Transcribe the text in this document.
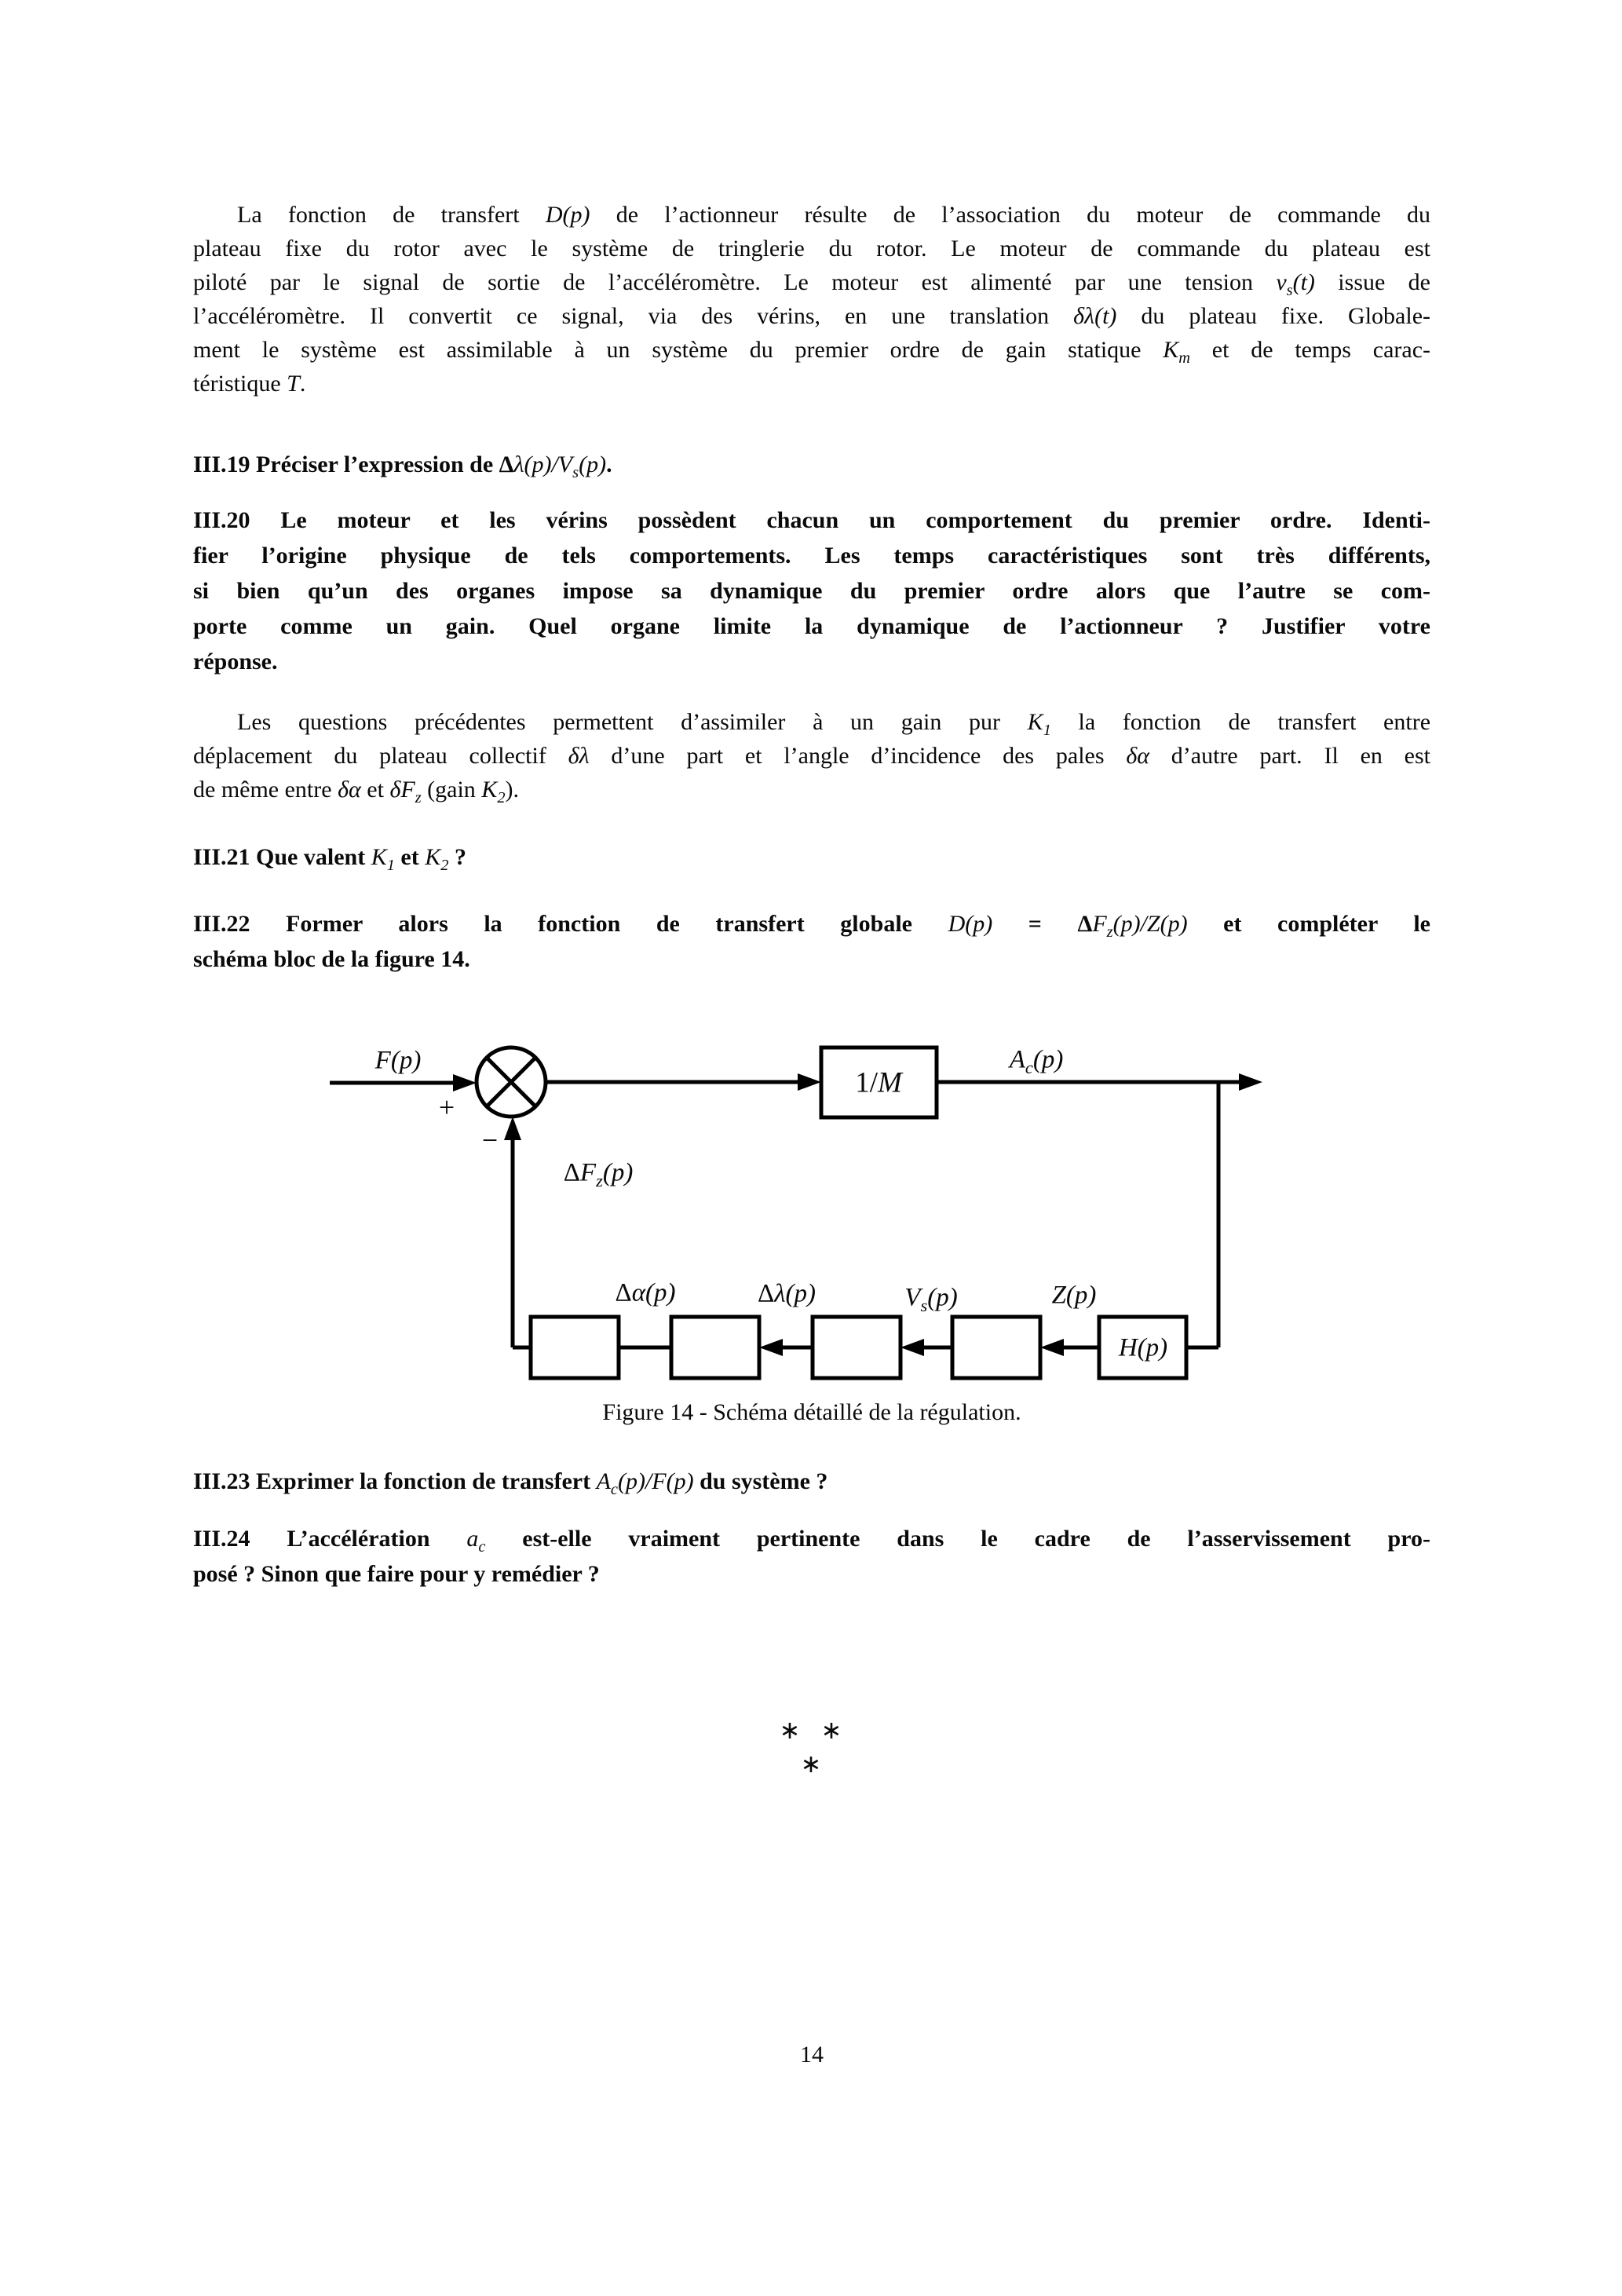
La fonction de transfert D(p) de l’actionneur résulte de l’association du moteur de commande du
plateau fixe du rotor avec le système de tringlerie du rotor. Le moteur de commande du plateau est
piloté par le signal de sortie de l’accéléromètre. Le moteur est alimenté par une tension $v_s(t)$ issue de
l’accéléromètre. Il convertit ce signal, via des vérins, en une translation δλ(t) du plateau fixe. Globale-
ment le système est assimilable à un système du premier ordre de gain statique $K_m$ et de temps carac-
téristique T.
III.19 Préciser l’expression de $\Delta\lambda(p)/V_s(p)$.
III.20 Le moteur et les vérins possèdent chacun un comportement du premier ordre. Identi-
fier l’origine physique de tels comportements. Les temps caractéristiques sont très différents,
si bien qu’un des organes impose sa dynamique du premier ordre alors que l’autre se com-
porte comme un gain. Quel organe limite la dynamique de l’actionneur ? Justifier votre
réponse.
Les questions précédentes permettent d’assimiler à un gain pur $K_1$ la fonction de transfert entre
déplacement du plateau collectif δλ d’une part et l’angle d’incidence des pales δα d’autre part. Il en est
de même entre δα et $\delta F_z$ (gain $K_2$).
III.21 Que valent $K_1$ et $K_2$ ?
III.22 Former alors la fonction de transfert globale $D(p) = \Delta F_z(p)/Z(p)$ et compléter le
schéma bloc de la figure 14.
F(p)
+
−
$\Delta F_z(p)$
1/M
$A_c(p)$
Δα(p)	Δλ(p)	$V_s(p)$	Z(p)
H(p)
Figure 14 - Schéma détaillé de la régulation.
III.23 Exprimer la fonction de transfert $A_c(p)/F(p)$ du système ?
III.24 L’accélération $a_c$ est-elle vraiment pertinente dans le cadre de l’asservissement pro-
posé ? Sinon que faire pour y remédier ?
∗ ∗
∗
14
